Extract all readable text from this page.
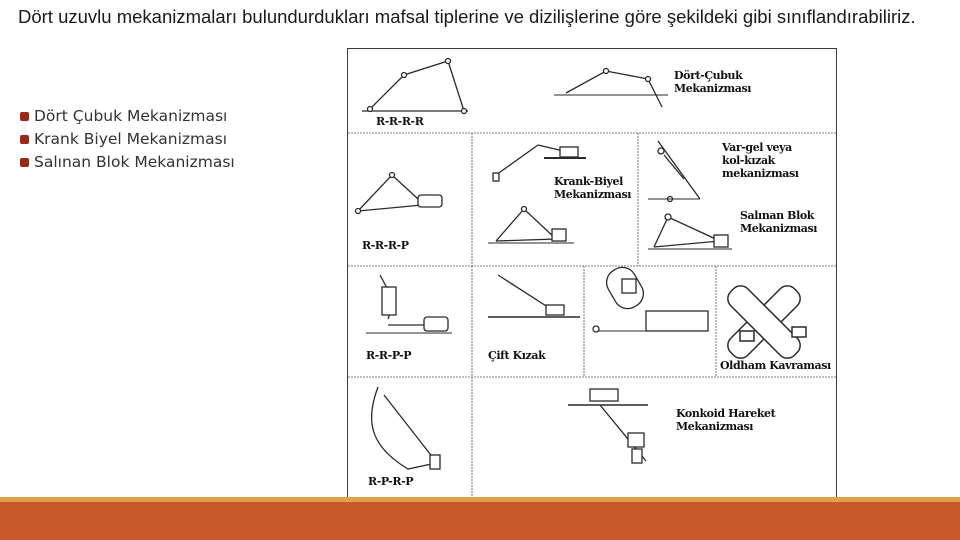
Dört uzuvlu mekanizmaları bulundurdukları mafsal tiplerine ve dizilişlerine göre şekildeki gibi sınıflandırabiliriz.
Dört Çubuk Mekanizması
Krank Biyel Mekanizması
Salınan Blok Mekanizması
Dört-Çubuk
Mekanizması
R-R-R-R
Krank-Biyel
Mekanizması
Var-gel veya
kol-kızak
mekanizması
Salınan Blok
Mekanizması
R-R-R-P
R-R-P-P	Çift Kızak
Oldham Kavraması
Konkoid Hareket
Mekanizması
R-P-R-P
